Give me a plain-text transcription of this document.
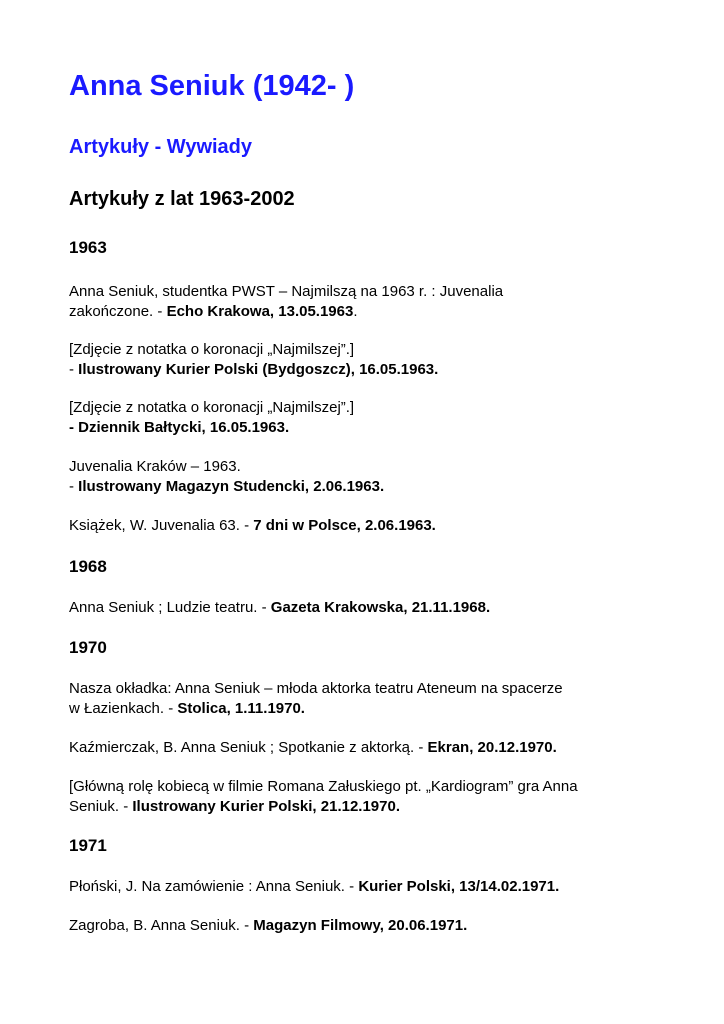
Anna Seniuk (1942- )
Artykuły - Wywiady
Artykuły z lat 1963-2002
1963
Anna Seniuk, studentka PWST – Najmilszą na 1963 r. : Juvenalia
zakończone. - Echo Krakowa, 13.05.1963.
[Zdjęcie z notatka o koronacji „Najmilszej”.]
- Ilustrowany Kurier Polski (Bydgoszcz), 16.05.1963.
[Zdjęcie z notatka o koronacji „Najmilszej”.]
- Dziennik Bałtycki, 16.05.1963.
Juvenalia Kraków – 1963.
- Ilustrowany Magazyn Studencki, 2.06.1963.
Książek, W. Juvenalia 63. - 7 dni w Polsce, 2.06.1963.
1968
Anna Seniuk ; Ludzie teatru. - Gazeta Krakowska, 21.11.1968.
1970
Nasza okładka: Anna Seniuk – młoda aktorka teatru Ateneum na spacerze
w Łazienkach. - Stolica, 1.11.1970.
Kaźmierczak, B. Anna Seniuk ; Spotkanie z aktorką. - Ekran, 20.12.1970.
[Główną rolę kobiecą w filmie Romana Załuskiego pt. „Kardiogram” gra Anna
Seniuk. - Ilustrowany Kurier Polski, 21.12.1970.
1971
Płoński, J. Na zamówienie : Anna Seniuk. - Kurier Polski, 13/14.02.1971.
Zagroba, B. Anna Seniuk. - Magazyn Filmowy, 20.06.1971.
